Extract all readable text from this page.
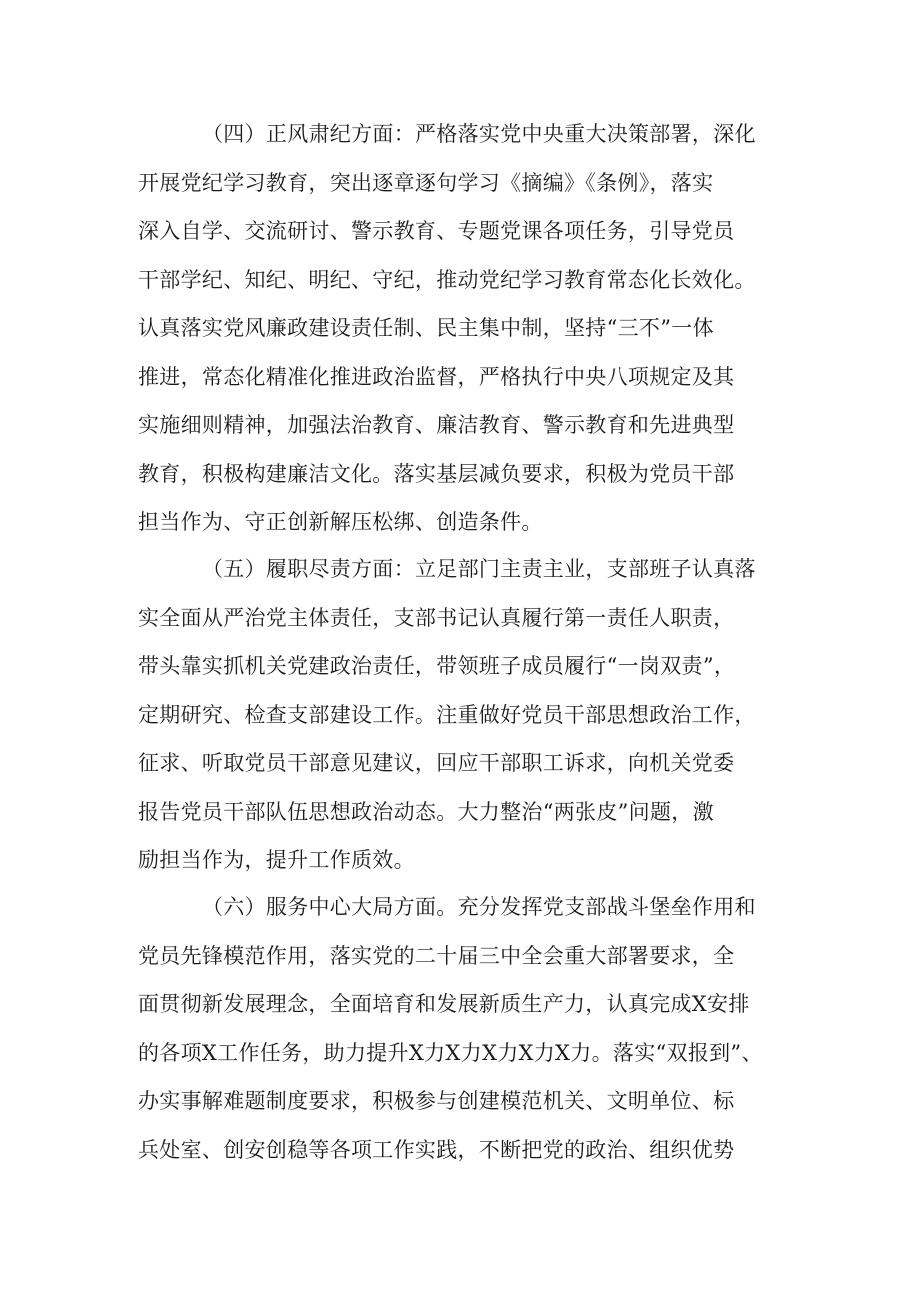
（四）正风肃纪方面：严格落实党中央重大决策部署，深化
开展党纪学习教育，突出逐章逐句学习《摘编》《条例》，落实
深入自学、交流研讨、警示教育、专题党课各项任务，引导党员
干部学纪、知纪、明纪、守纪，推动党纪学习教育常态化长效化。
认真落实党风廉政建设责任制、民主集中制，坚持“三不”一体
推进，常态化精准化推进政治监督，严格执行中央八项规定及其
实施细则精神，加强法治教育、廉洁教育、警示教育和先进典型
教育，积极构建廉洁文化。落实基层减负要求，积极为党员干部
担当作为、守正创新解压松绑、创造条件。
（五）履职尽责方面：立足部门主责主业，支部班子认真落
实全面从严治党主体责任，支部书记认真履行第一责任人职责，
带头靠实抓机关党建政治责任，带领班子成员履行“一岗双责”，
定期研究、检查支部建设工作。注重做好党员干部思想政治工作，
征求、听取党员干部意见建议，回应干部职工诉求，向机关党委
报告党员干部队伍思想政治动态。大力整治“两张皮”问题，激
励担当作为，提升工作质效。
（六）服务中心大局方面。充分发挥党支部战斗堡垒作用和
党员先锋模范作用，落实党的二十届三中全会重大部署要求，全
面贯彻新发展理念，全面培育和发展新质生产力，认真完成X安排
的各项X工作任务，助力提升X力X力X力X力X力。落实“双报到”、
办实事解难题制度要求，积极参与创建模范机关、文明单位、标
兵处室、创安创稳等各项工作实践，不断把党的政治、组织优势
